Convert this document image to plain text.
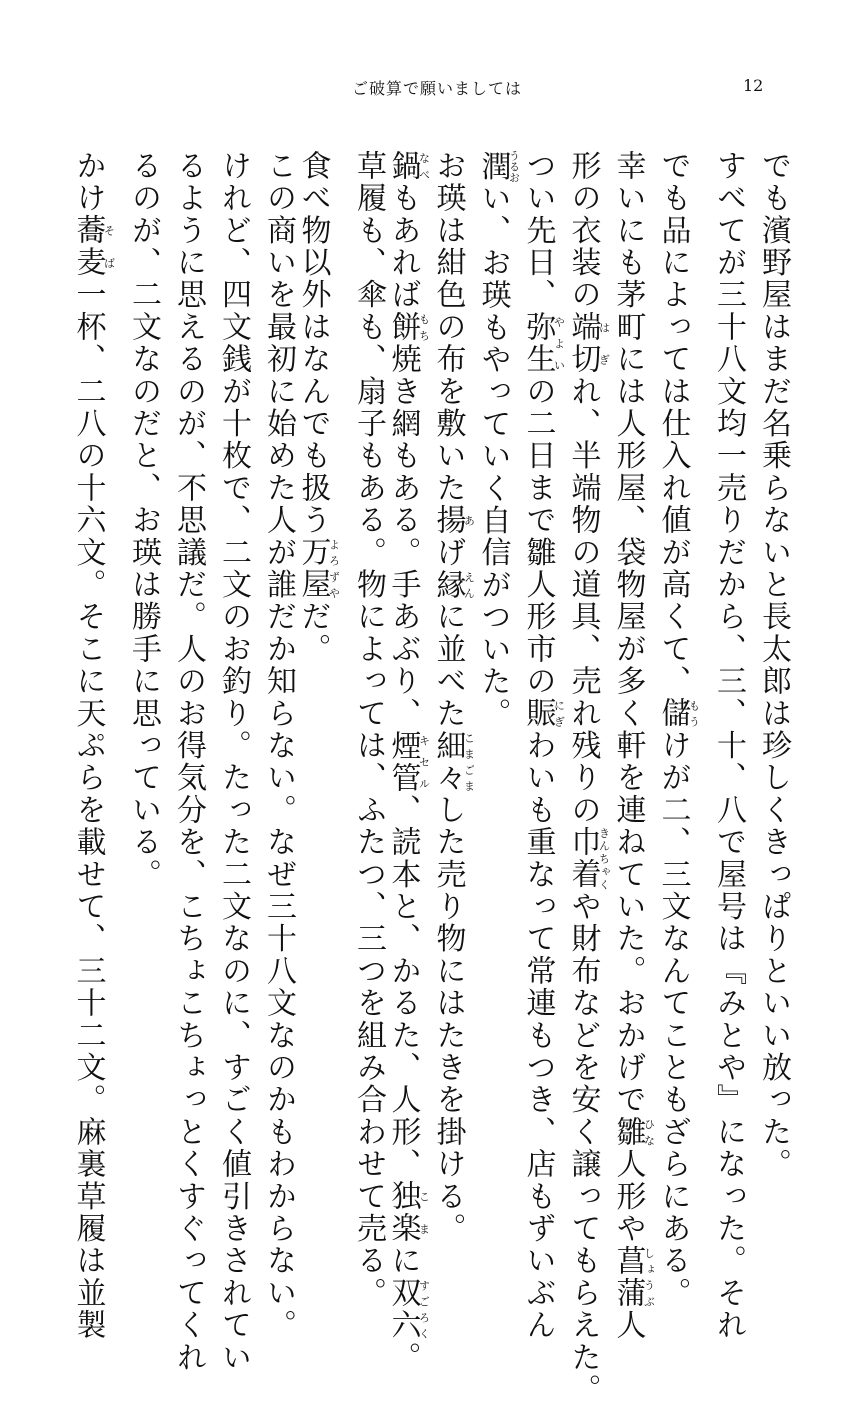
ご破算で願いましては	12
でも濱野屋はまだ名乗らないと長太郎は珍しくきっぱりといい放った。
すべてが三十八文均一売りだから、三、十、八で屋号は『みとや』になった。それ
でも品によっては仕入れ値が高くて、儲もうけが二、三文なんてこともざらにある。
幸いにも茅町には人形屋、袋物屋が多く軒を連ねていた。おかげで雛ひな人形や菖蒲しょうぶ人
形の衣装の端は切ぎれ、半端物の道具、売れ残りの巾着きんちゃくや財布などを安く譲ってもらえた。
つい先日、弥生やよいの二日まで雛人形市の賑にぎわいも重なって常連もつき、店もずいぶん
潤うるおい、お瑛もやっていく自信がついた。
お瑛は紺色の布を敷いた揚あげ縁えんに並べた細々こまごました売り物にはたきを掛ける。
鍋なべもあれば餅もち焼き網もある。手あぶり、煙管キセル、読本と、かるた、人形、独楽こまに双六すごろく。
草履も、傘も、扇子もある。物によっては、ふたつ、三つを組み合わせて売る。
食べ物以外はなんでも扱う万屋よろずやだ。
この商いを最初に始めた人が誰だか知らない。なぜ三十八文なのかもわからない。
けれど、四文銭が十枚で、二文のお釣り。たった二文なのに、すごく値引きされてい
るように思えるのが、不思議だ。人のお得気分を、こちょこちょっとくすぐってくれ
るのが、二文なのだと、お瑛は勝手に思っている。
かけ蕎麦そば一杯、二八の十六文。そこに天ぷらを載せて、三十二文。麻裏草履は並製
